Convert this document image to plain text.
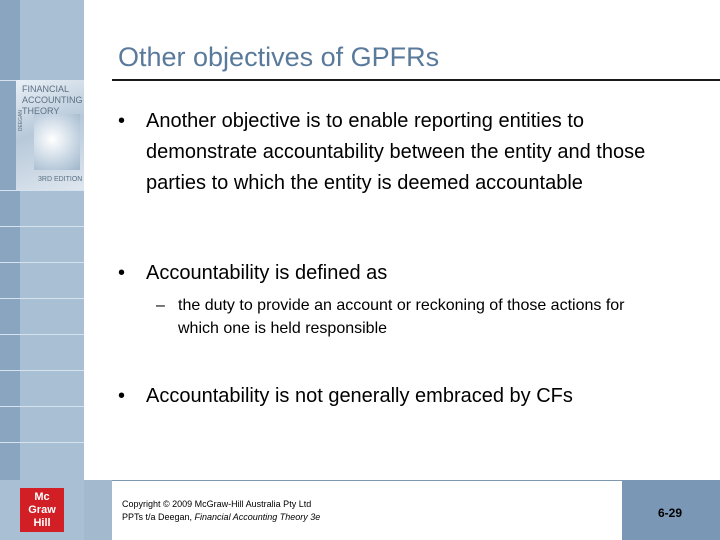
FINANCIAL
ACCOUNTING
THEORY
DEEGAN
3RD EDITION
Other objectives of GPFRs
• Another objective is to enable reporting entities to demonstrate accountability between the entity and those parties to which the entity is deemed accountable
• Accountability is defined as
– the duty to provide an account or reckoning of those actions for which one is held responsible
• Accountability is not generally embraced by CFs
Copyright © 2009 McGraw-Hill Australia Pty Ltd
PPTs t/a Deegan, Financial Accounting Theory 3e	6-29
Mc
Graw
Hill
